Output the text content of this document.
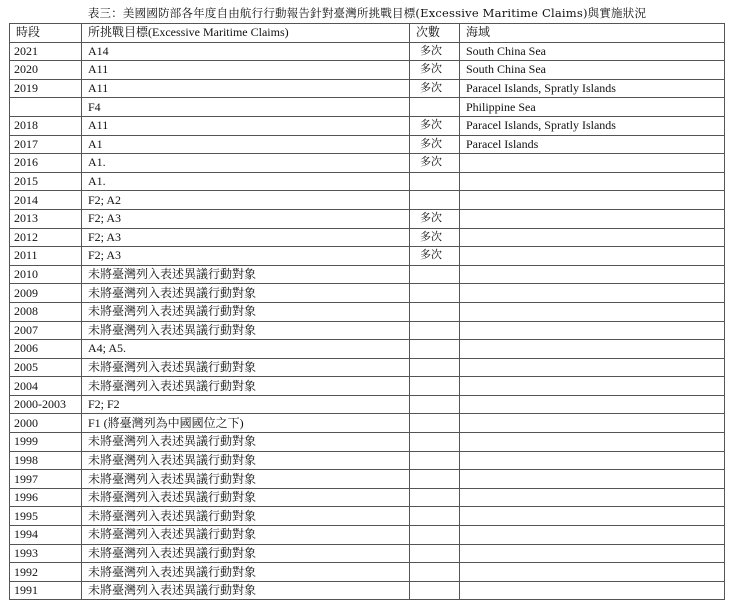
表三：美國國防部各年度自由航行行動報告針對臺灣所挑戰目標(Excessive Maritime Claims)與實施狀況
時段	所挑戰目標(Excessive Maritime Claims)	次數	海域
2021	A14	多次	South China Sea
2020	A11	多次	South China Sea
2019	A11	多次	Paracel Islands, Spratly Islands
	F4		Philippine Sea
2018	A11	多次	Paracel Islands, Spratly Islands
2017	A1	多次	Paracel Islands
2016	A1.	多次	
2015	A1.		
2014	F2; A2		
2013	F2; A3	多次	
2012	F2; A3	多次	
2011	F2; A3	多次	
2010	未將臺灣列入表述異議行動對象		
2009	未將臺灣列入表述異議行動對象		
2008	未將臺灣列入表述異議行動對象		
2007	未將臺灣列入表述異議行動對象		
2006	A4; A5.		
2005	未將臺灣列入表述異議行動對象		
2004	未將臺灣列入表述異議行動對象		
2000-2003	F2; F2		
2000	F1 (將臺灣列為中國國位之下)		
1999	未將臺灣列入表述異議行動對象		
1998	未將臺灣列入表述異議行動對象		
1997	未將臺灣列入表述異議行動對象		
1996	未將臺灣列入表述異議行動對象		
1995	未將臺灣列入表述異議行動對象		
1994	未將臺灣列入表述異議行動對象		
1993	未將臺灣列入表述異議行動對象		
1992	未將臺灣列入表述異議行動對象		
1991	未將臺灣列入表述異議行動對象		
